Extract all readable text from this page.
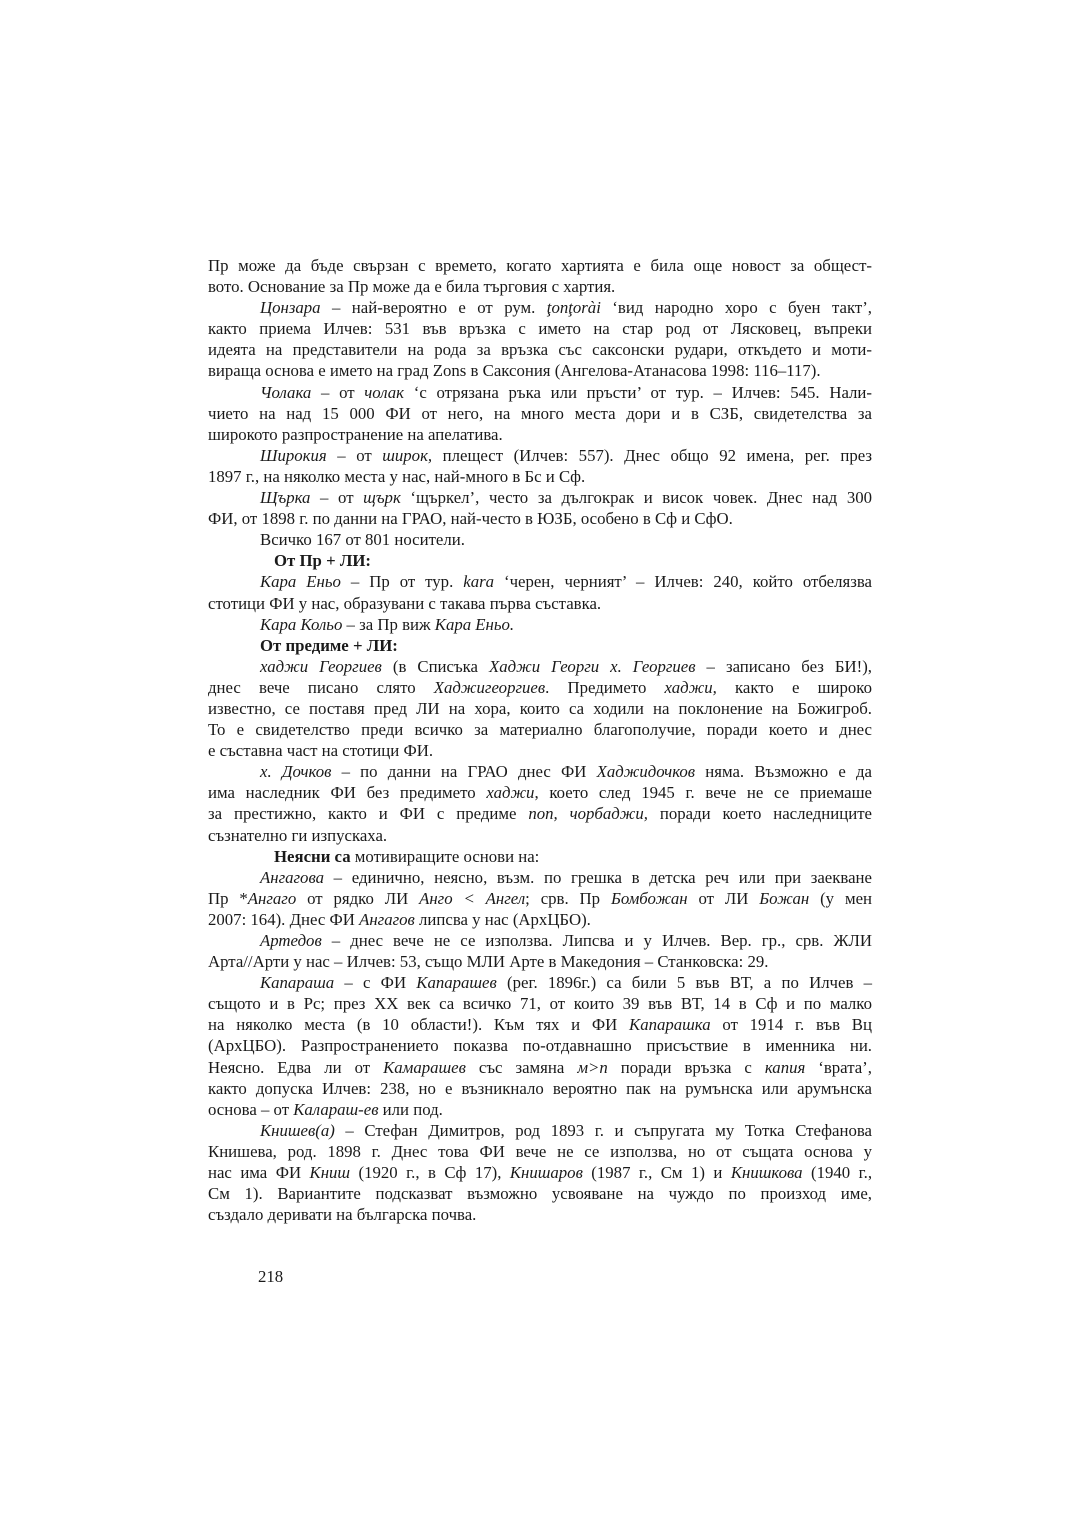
Пр може да бъде свързан с времето, когато хартията е била още новост за общест-
вото. Основание за Пр може да е била търговия с хартия.
Цонзара – най-вероятно е от рум. ţonţorài ‘вид народно хоро с буен такт’,
както приема Илчев: 531 във връзка с името на стар род от Лясковец, въпреки
идеята на представители на рода за връзка със саксонски рудари, откъдето и моти-
вираща основа е името на град Zons в Саксония (Ангелова-Атанасова 1998: 116–117).
Чолака – от чолак ‘с отрязана ръка или пръсти’ от тур. – Илчев: 545. Нали-
чието на над 15 000 ФИ от него, на много места дори и в СЗБ, свидетелства за
широкото разпространение на апелатива.
Широкия – от широк, плещест (Илчев: 557). Днес общо 92 имена, рег. през
1897 г., на няколко места у нас, най-много в Бс и Сф.
Щърка – от щърк ‘щъркел’, често за дългокрак и висок човек. Днес над 300
ФИ, от 1898 г. по данни на ГРАО, най-често в ЮЗБ, особено в Сф и СфО.
Всичко 167 от 801 носители.
От Пр + ЛИ:
Кара Еньо – Пр от тур. kara ‘черен, черният’ – Илчев: 240, който отбелязва
стотици ФИ у нас, образувани с такава първа съставка.
Кара Кольо – за Пр виж Кара Еньо.
От предиме + ЛИ:
хаджи Георгиев (в Списъка Хаджи Георги х. Георгиев – записано без БИ!),
днес вече писано слято Хаджигеоргиев. Предимето хаджи, както е широко
известно, се поставя пред ЛИ на хора, които са ходили на поклонение на Божигроб.
То е свидетелство преди всичко за материално благополучие, поради което и днес
е съставна част на стотици ФИ.
х. Дочков – по данни на ГРАО днес ФИ Хаджидочков няма. Възможно е да
има наследник ФИ без предимето хаджи, което след 1945 г. вече не се приемаше
за престижно, както и ФИ с предиме поп, чорбаджи, поради което наследниците
съзнателно ги изпускаха.
Неясни са мотивиращите основи на:
Ангагова – единично, неясно, възм. по грешка в детска реч или при заекване
Пр *Ангаго от рядко ЛИ Анго < Ангел; срв. Пр Бомбожан от ЛИ Божан (у мен
2007: 164). Днес ФИ Ангагов липсва у нас (АрхЦБО).
Артедов – днес вече не се използва. Липсва и у Илчев. Вер. гр., срв. ЖЛИ
Арта//Арти у нас – Илчев: 53, също МЛИ Арте в Македония – Станковска: 29.
Капараша – с ФИ Капарашев (рег. 1896г.) са били 5 във ВТ, а по Илчев –
същото и в Рс; през ХХ век са всичко 71, от които 39 във ВТ, 14 в Сф и по малко
на няколко места (в 10 области!). Към тях и ФИ Капарашка от 1914 г. във Вц
(АрхЦБО). Разпространението показва по-отдавнашно присъствие в именника ни.
Неясно. Едва ли от Камарашев със замяна м>п поради връзка с капия ‘врата’,
както допуска Илчев: 238, но е възникнало вероятно пак на румънска или арумънска
основа – от Калараш-ев или под.
Книшев(а) – Стефан Димитров, род 1893 г. и съпругата му Тотка Стефанова
Книшева, род. 1898 г. Днес това ФИ вече не се използва, но от същата основа у
нас има ФИ Книш (1920 г., в Сф 17), Книшаров (1987 г., См 1) и Книшкова (1940 г.,
См 1). Вариантите подсказват възможно усвояване на чуждо по произход име,
създало деривати на българска почва.
218
